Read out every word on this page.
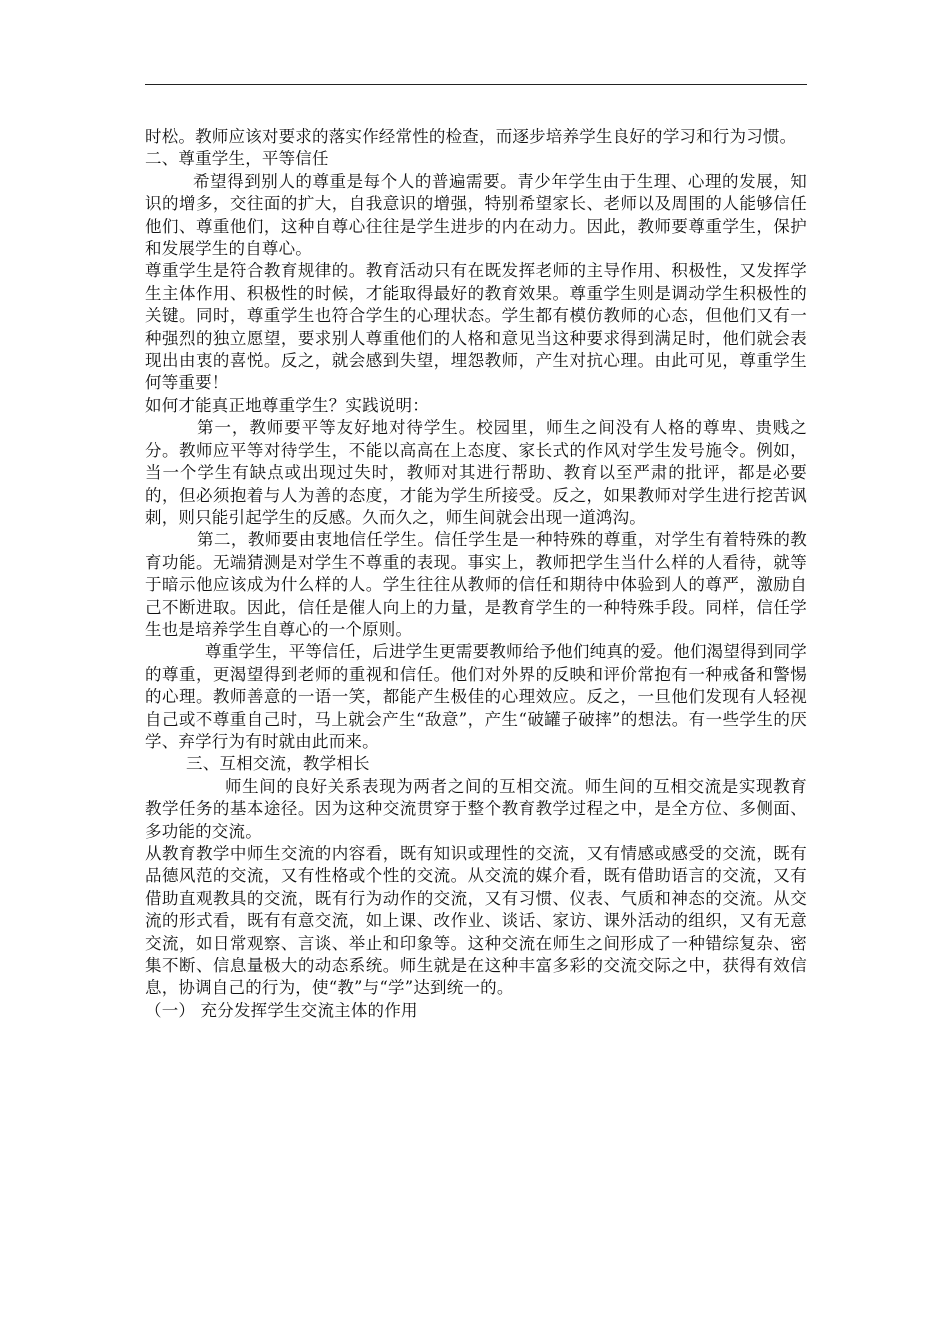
时松。教师应该对要求的落实作经常性的检查，而逐步培养学生良好的学习和行为习惯。

二、尊重学生，平等信任

希望得到别人的尊重是每个人的普遍需要。青少年学生由于生理、心理的发展，知识的增多，交往面的扩大，自我意识的增强，特别希望家长、老师以及周围的人能够信任他们、尊重他们，这种自尊心往往是学生进步的内在动力。因此，教师要尊重学生，保护和发展学生的自尊心。

尊重学生是符合教育规律的。教育活动只有在既发挥老师的主导作用、积极性，又发挥学生主体作用、积极性的时候，才能取得最好的教育效果。尊重学生则是调动学生积极性的关键。同时，尊重学生也符合学生的心理状态。学生都有模仿教师的心态，但他们又有一种强烈的独立愿望，要求别人尊重他们的人格和意见当这种要求得到满足时，他们就会表现出由衷的喜悦。反之，就会感到失望，埋怨教师，产生对抗心理。由此可见，尊重学生何等重要！

如何才能真正地尊重学生？实践说明：

第一，教师要平等友好地对待学生。校园里，师生之间没有人格的尊卑、贵贱之分。教师应平等对待学生，不能以高高在上态度、家长式的作风对学生发号施令。例如，当一个学生有缺点或出现过失时，教师对其进行帮助、教育以至严肃的批评，都是必要的，但必须抱着与人为善的态度，才能为学生所接受。反之，如果教师对学生进行挖苦讽刺，则只能引起学生的反感。久而久之，师生间就会出现一道鸿沟。

第二，教师要由衷地信任学生。信任学生是一种特殊的尊重，对学生有着特殊的教育功能。无端猜测是对学生不尊重的表现。事实上，教师把学生当什么样的人看待，就等于暗示他应该成为什么样的人。学生往往从教师的信任和期待中体验到人的尊严，激励自己不断进取。因此，信任是催人向上的力量，是教育学生的一种特殊手段。同样，信任学生也是培养学生自尊心的一个原则。

尊重学生，平等信任，后进学生更需要教师给予他们纯真的爱。他们渴望得到同学的尊重，更渴望得到老师的重视和信任。他们对外界的反映和评价常抱有一种戒备和警惕的心理。教师善意的一语一笑，都能产生极佳的心理效应。反之，一旦他们发现有人轻视自己或不尊重自己时，马上就会产生“敌意”，产生“破罐子破摔”的想法。有一些学生的厌学、弃学行为有时就由此而来。

三、互相交流，教学相长

师生间的良好关系表现为两者之间的互相交流。师生间的互相交流是实现教育教学任务的基本途径。因为这种交流贯穿于整个教育教学过程之中，是全方位、多侧面、多功能的交流。

从教育教学中师生交流的内容看，既有知识或理性的交流，又有情感或感受的交流，既有品德风范的交流，又有性格或个性的交流。从交流的媒介看，既有借助语言的交流，又有借助直观教具的交流，既有行为动作的交流，又有习惯、仪表、气质和神态的交流。从交流的形式看，既有有意交流，如上课、改作业、谈话、家访、课外活动的组织，又有无意交流，如日常观察、言谈、举止和印象等。这种交流在师生之间形成了一种错综复杂、密集不断、信息量极大的动态系统。师生就是在这种丰富多彩的交流交际之中，获得有效信息，协调自己的行为，使“教”与“学”达到统一的。

（一） 充分发挥学生交流主体的作用
